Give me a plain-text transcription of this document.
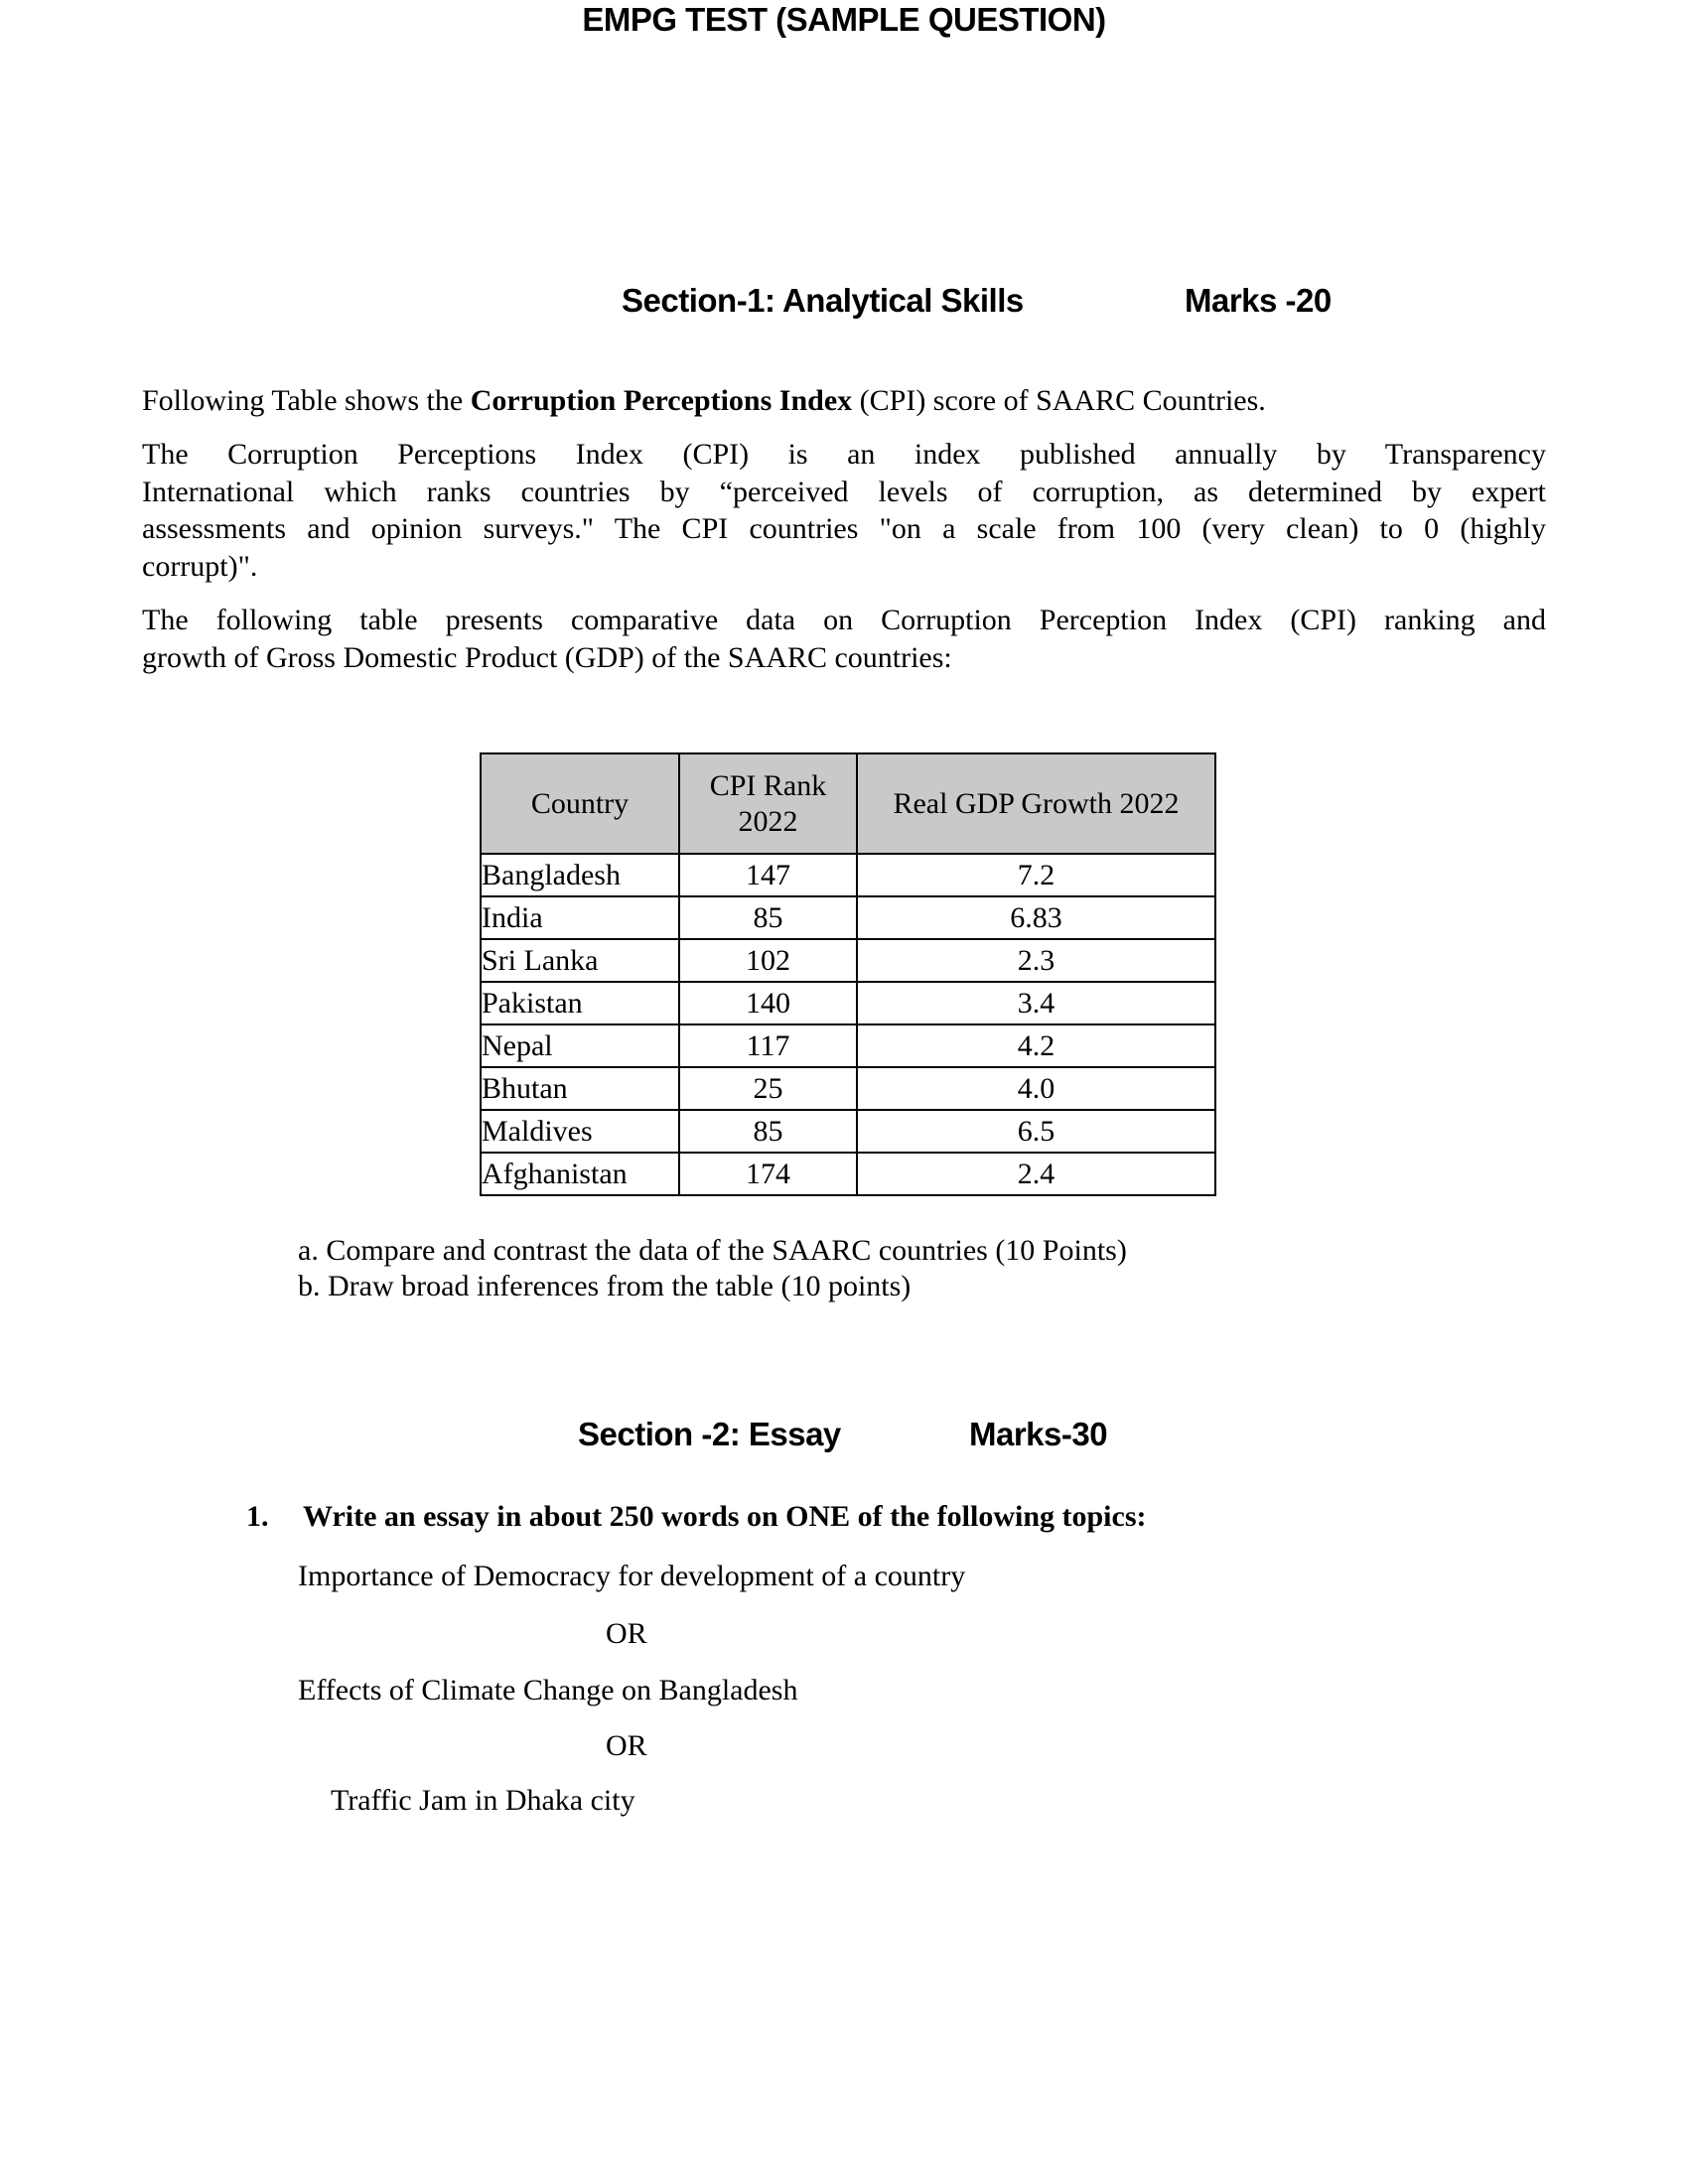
EMPG TEST (SAMPLE QUESTION)
Section-1: Analytical Skills	Marks -20
Following Table shows the Corruption Perceptions Index (CPI) score of SAARC Countries.
The Corruption Perceptions Index (CPI) is an index published annually by Transparency
International which ranks countries by “perceived levels of corruption, as determined by expert
assessments and opinion surveys." The CPI countries "on a scale from 100 (very clean) to 0 (highly
corrupt)".
The following table presents comparative data on Corruption Perception Index (CPI) ranking and
growth of Gross Domestic Product (GDP) of the SAARC countries:
Country	CPI Rank 2022	Real GDP Growth 2022
Bangladesh	147	7.2
India	85	6.83
Sri Lanka	102	2.3
Pakistan	140	3.4
Nepal	117	4.2
Bhutan	25	4.0
Maldives	85	6.5
Afghanistan	174	2.4
a. Compare and contrast the data of the SAARC countries (10 Points)
b. Draw broad inferences from the table (10 points)
Section -2: Essay	Marks-30
1. Write an essay in about 250 words on ONE of the following topics:
Importance of Democracy for development of a country
OR
Effects of Climate Change on Bangladesh
OR
Traffic Jam in Dhaka city
